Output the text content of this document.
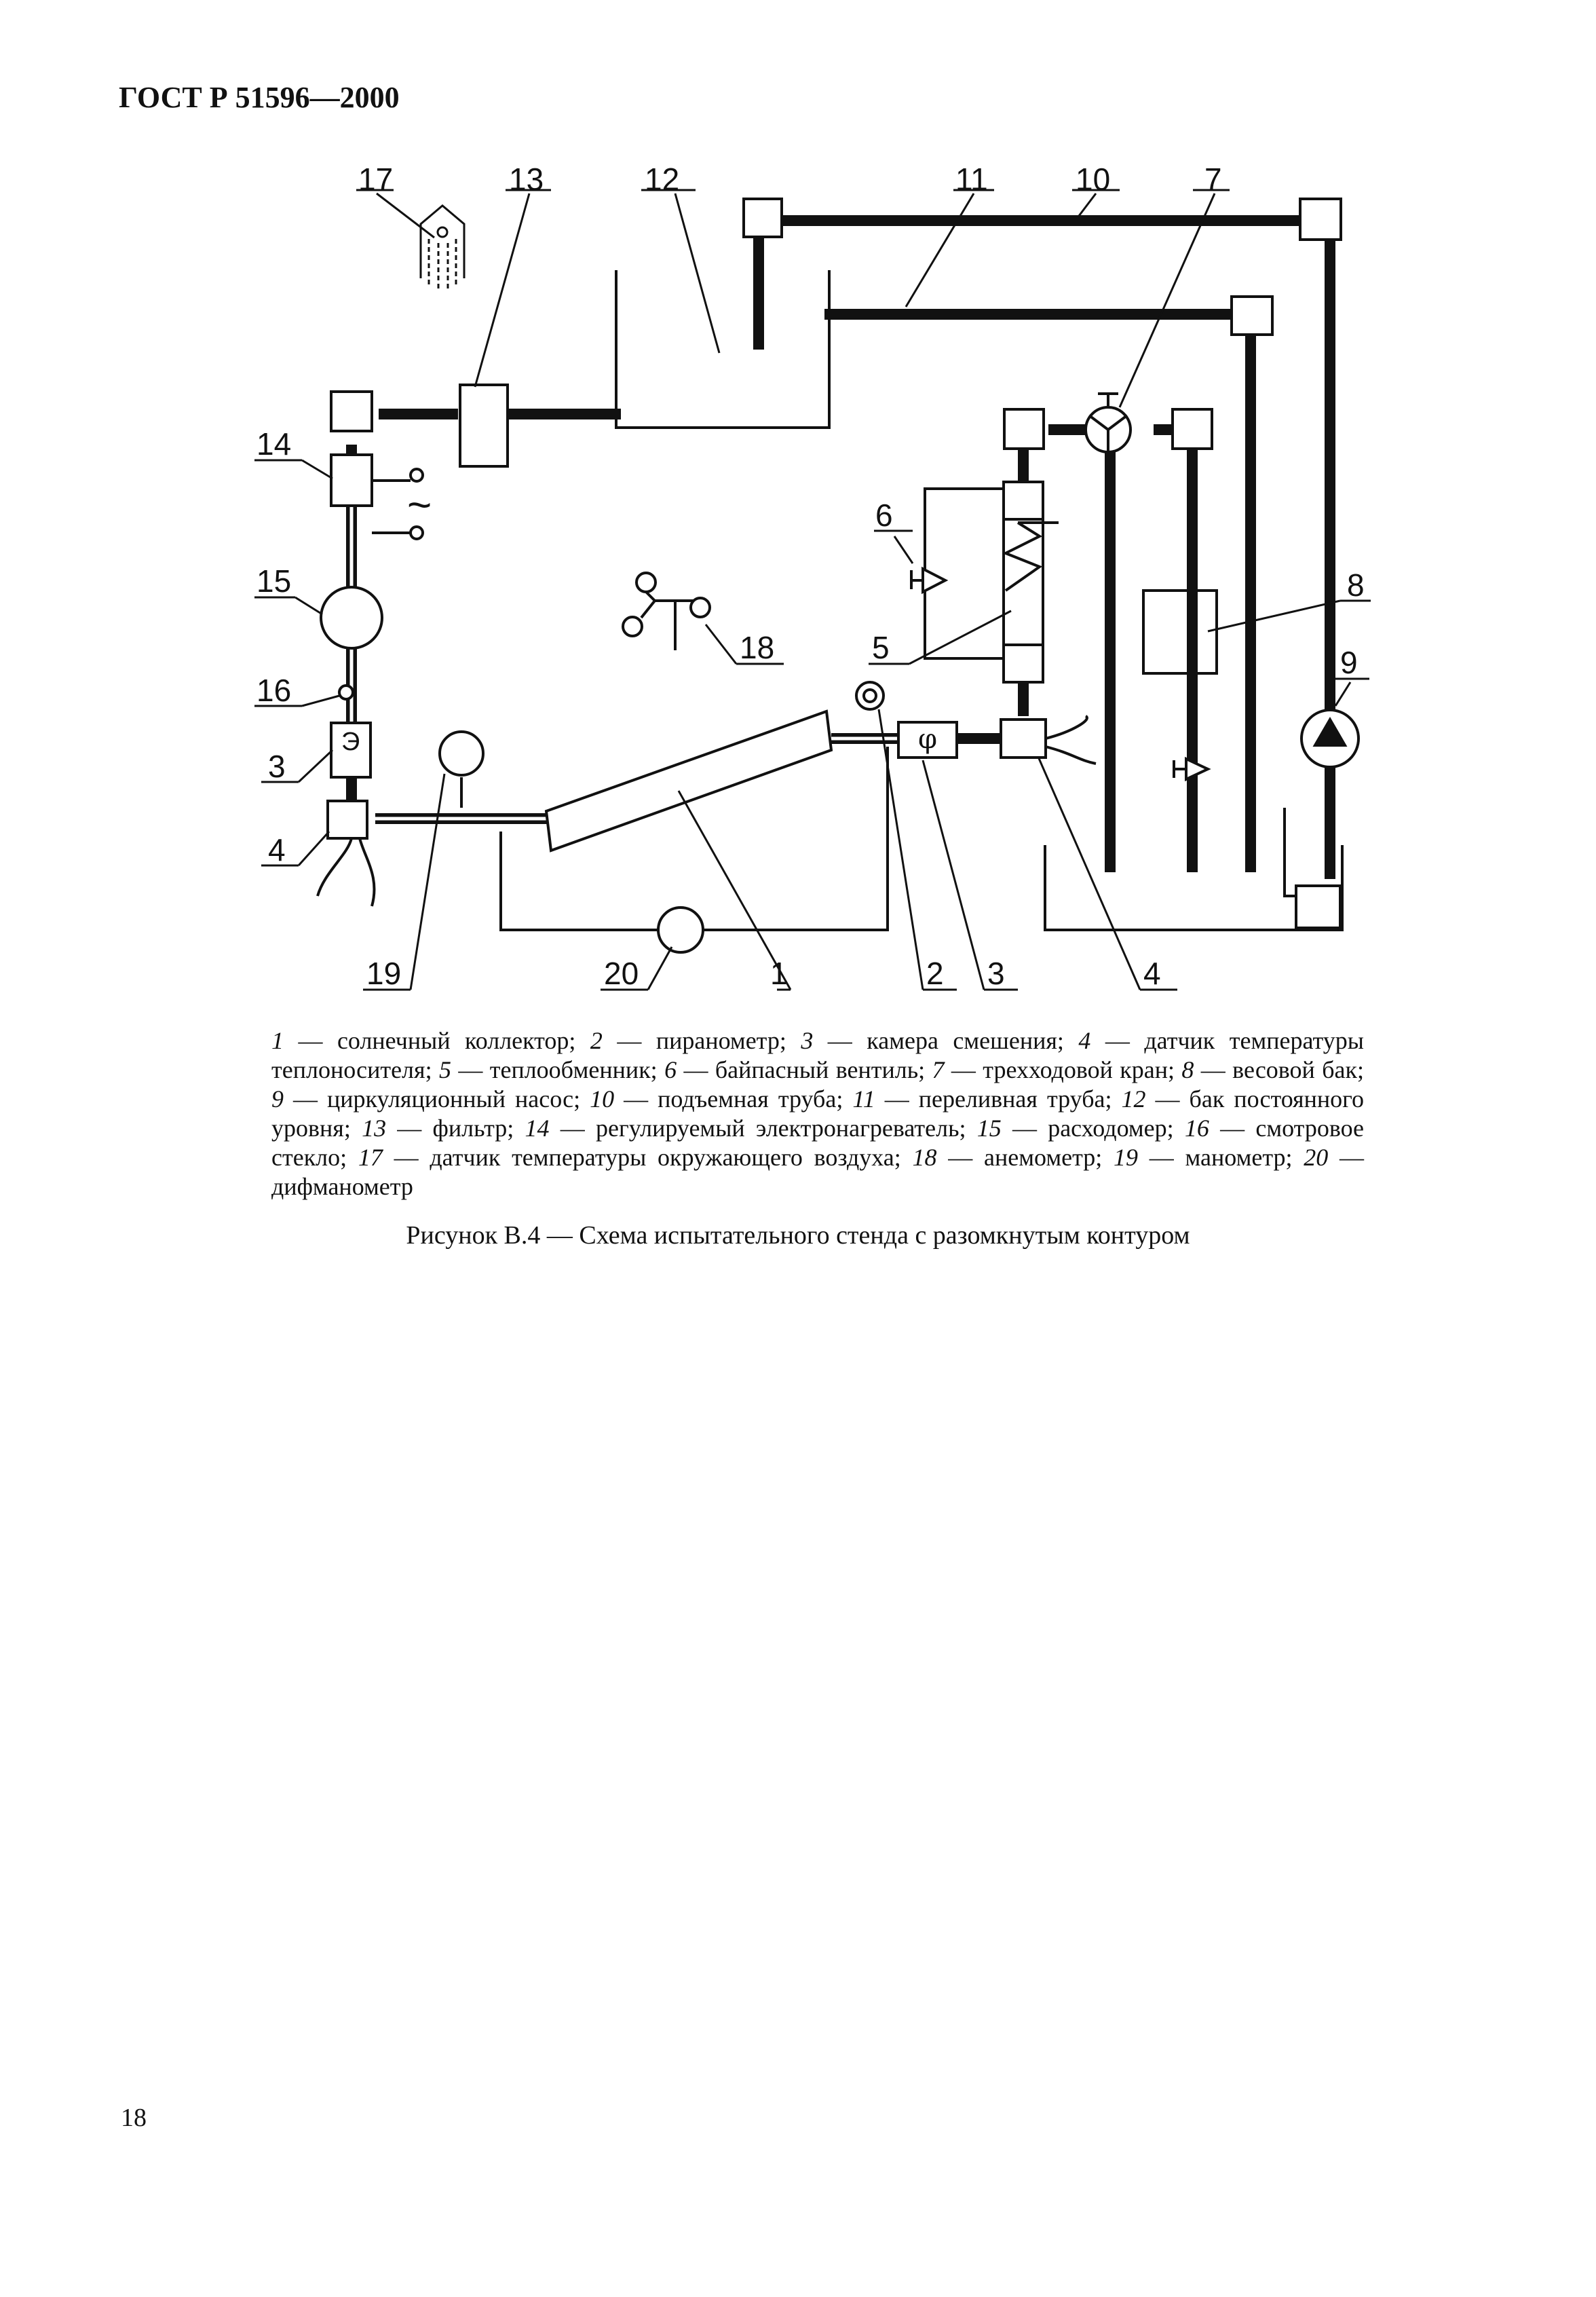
ГОСТ Р 51596—2000
17	13	12	11	10	7
14
15
16
3
4
6
5
18
8
9
19	20	1	2 3	4
Э	φ
~
1 — солнечный коллектор; 2 — пиранометр; 3 — камера смешения; 4 — датчик температуры теплоносителя; 5 — теплообменник; 6 — байпасный вентиль; 7 — трехходовой кран; 8 — весовой бак; 9 — циркуляционный насос; 10 — подъемная труба; 11 — переливная труба; 12 — бак постоянного уровня; 13 — фильтр; 14 — регулируемый электронагреватель; 15 — расходомер; 16 — смотровое стекло; 17 — датчик температуры окружающего воздуха; 18 — анемометр; 19 — манометр; 20 — дифманометр
Рисунок В.4 — Схема испытательного стенда с разомкнутым контуром
18
